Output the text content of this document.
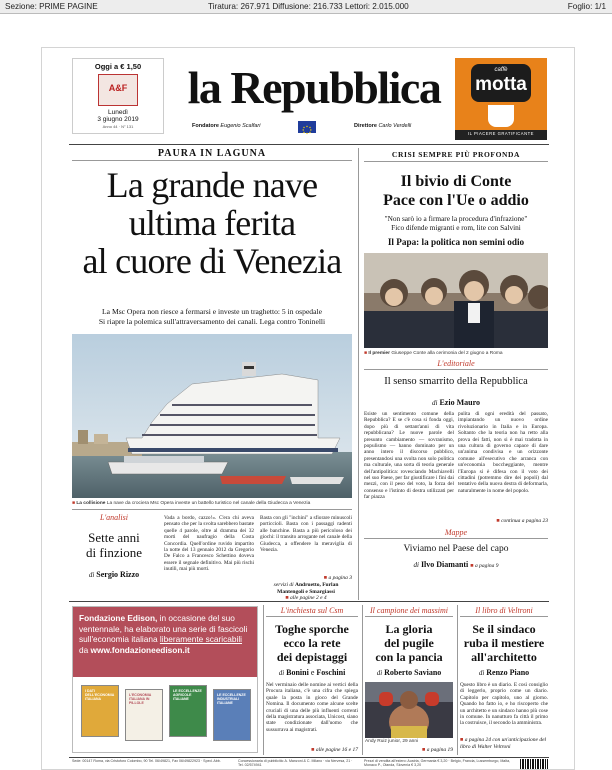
Sezione: PRIME PAGINE	Tiratura: 267.971 Diffusione: 216.733 Lettori: 2.015.000	Foglio: 1/1
Oggi a € 1,50
A&F
Lunedì
3 giugno 2019
Anno 44 · N° 131
la Repubblica
Fondatore Eugenio Scalfari	Direttore Carlo Verdelli
caffè
motta
IL PIACERE GRATIFICANTE
PAURA IN LAGUNA
La grande nave
ultima ferita
al cuore di Venezia
La Msc Opera non riesce a fermarsi e investe un traghetto: 5 in ospedale
Si riapre la polemica sull'attraversamento dei canali. Lega contro Toninelli
■ La collisione La nave da crociera Msc Opera investe un battello turistico nel canale della Giudecca a Venezia
L'analisi
Sette anni
di finzione
di Sergio Rizzo
Vada a bordo, cazzo!». C'era chi aveva pensato che per la svolta sarebbero bastate quelle 4 parole, oltre al dramma dei 32 morti del naufragio della Costa Concordia. Quell'ordine ruvido impartito la notte del 13 gennaio 2012 da Gregorio De Falco a Francesco Schettino doveva essere il segnale definitivo. Mai più rischi inutili, mai più morti.
Basta con gli "inchini" a sfiorare minuscoli porticcioli. Basta con i passaggi radenti alle banchine. Basta a più pericoloso dei giochi: il transito arrogante nel canale della Giudecca, a offendere la meraviglia di Venezia.
■ a pagina 3
servizi di Andruetto, Furlan Mantengoli e Smargiassi
■ alle pagine 2 e 4
CRISI SEMPRE PIÙ PROFONDA
Il bivio di Conte
Pace con l'Ue o addio
"Non sarò io a firmare la procedura d'infrazione"
Fico difende migranti e rom, lite con Salvini
Il Papa: la politica non semini odio
■ Il premier Giuseppe Conte alla cerimonia del 2 giugno a Roma
L'editoriale
Il senso smarrito della Repubblica
di Ezio Mauro
Esiste un sentimento comune della Repubblica? E se c'è cosa si fonda oggi, dopo più di settant'anni di vita repubblicana? Le nuove parole del presunto cambiamento — sovranismo, populismo — hanno dominato per un anno intero il discorso pubblico, presentandosi una svolta non solo politica ma culturale, una sorta di teoria generale dell'antipolitica: rovesciando Machiavelli nel suo Paese, per far giustificare i fini dai mezzi, con il peso del voto, la forza del consenso e l'istinto di destra utilizzati per far piazza
pulita di ogni eredità del passato, impiantando un nuovo ordine rivoluzionario in Italia e in Europa. Soltanto che la teoria non ha retto alla prova dei fatti, non si è mai tradotta in una cultura di governo capace di dare un'anima condivisa e un orizzonte comune all'esecutivo che arranca con un'economia boccheggiante, mentre l'Europa si è difesa con il voto dei cittadini (potremmo dire dei popoli) dal tentativo della nuova destra di deformarla, naturalmente in nome del popolo.
■ continua a pagina 23
Mappe
Viviamo nel Paese del capo
di Ilvo Diamanti ■ a pagina 9
Fondazione Edison, in occasione del suo ventennale, ha elaborato una serie di fascicoli sull'economia italiana liberamente scaricabili da www.fondazioneedison.it
I DATI DELL'ECONOMIA ITALIANA
L'ECONOMIA ITALIANA IN PILLOLE
LE ECCELLENZE AGRICOLE ITALIANE
LE ECCELLENZE INDUSTRIALI ITALIANE
L'inchiesta sul Csm
Toghe sporche
ecco la rete
dei depistaggi
di Bonini e Foschini
Nel verminaio delle nomine ai vertici della Procura italiana, c'è una cifra che spiega quale la posta in gioco del Grande Nomina. Il documento come alcune scelte cruciali di una delle più influenti correnti della magistratura associata, Unicost, siano state condizionate dall'uomo che sussurrava ai magistrati.
■ alle pagine 16 e 17
Il campione dei massimi
La gloria
del pugile
con la pancia
di Roberto Saviano
Andy Ruiz junior, 29 anni
■ a pagina 19
Il libro di Veltroni
Se il sindaco
ruba il mestiere
all'architetto
di Renzo Piano
Questo libro è un diario. E così consiglio di leggerlo, proprio come un diario. Capitolo per capitolo, uno al giorno. Quando ho fatto io, e ho riscoperto che un architetto e un sindaco hanno più cose in comune. In nanutturo fa città il primo la costruisce, il secondo la amministra.
■ a pagina 24 con un'anticipazione del libro di Walter Veltroni
Sede: 00147 Roma, via Cristoforo Colombo, 90 Tel. 06/49821, Fax 06/49822923 · Sped. Abb.	Concessionaria di pubblicità: A. Manzoni & C. Milano · via Nervesa, 21 · Tel. 02/574941
Prezzi di vendita all'estero: Austria, Germania € 3,20 · Belgio, Francia, Lussemburgo, Malta, Monaco P., Olanda, Slovenia € 3,20
